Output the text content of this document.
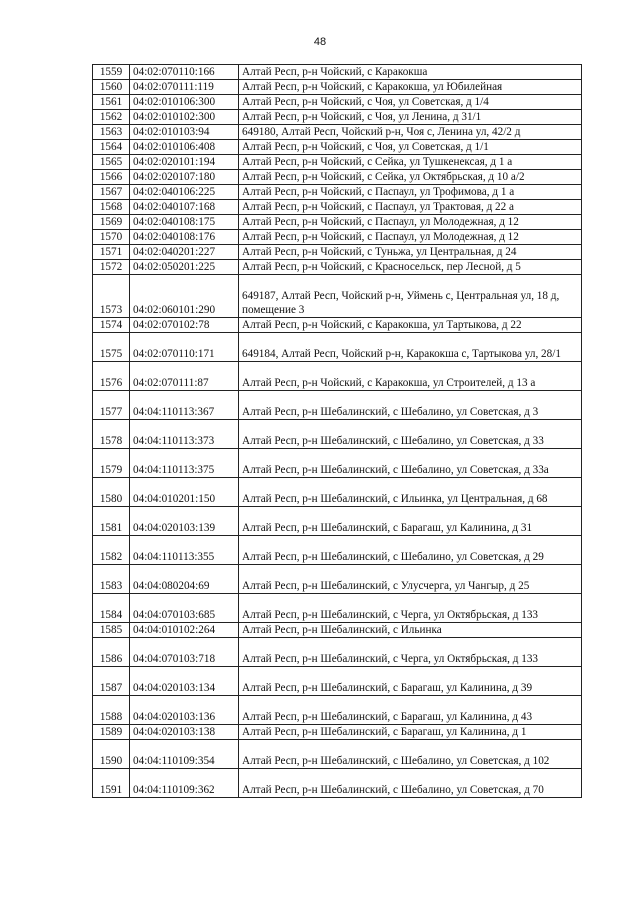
48
1559	04:02:070110:166	Алтай Респ, р-н Чойский, с Каракокша
1560	04:02:070111:119	Алтай Респ, р-н Чойский, с Каракокша, ул Юбилейная
1561	04:02:010106:300	Алтай Респ, р-н Чойский, с Чоя, ул Советская, д 1/4
1562	04:02:010102:300	Алтай Респ, р-н Чойский, с Чоя, ул Ленина, д 31/1
1563	04:02:010103:94	649180, Алтай Респ, Чойский р-н, Чоя с, Ленина ул, 42/2 д
1564	04:02:010106:408	Алтай Респ, р-н Чойский, с Чоя, ул Советская, д 1/1
1565	04:02:020101:194	Алтай Респ, р-н Чойский, с Сейка, ул Тушкенексая, д 1 а
1566	04:02:020107:180	Алтай Респ, р-н Чойский, с Сейка, ул Октябрьская, д 10 а/2
1567	04:02:040106:225	Алтай Респ, р-н Чойский, с Паспаул, ул Трофимова, д 1 а
1568	04:02:040107:168	Алтай Респ, р-н Чойский, с Паспаул, ул Трактовая, д 22 а
1569	04:02:040108:175	Алтай Респ, р-н Чойский, с Паспаул, ул Молодежная, д 12
1570	04:02:040108:176	Алтай Респ, р-н Чойский, с Паспаул, ул Молодежная, д 12
1571	04:02:040201:227	Алтай Респ, р-н Чойский, с Туньжа, ул Центральная, д 24
1572	04:02:050201:225	Алтай Респ, р-н Чойский, с Красносельск, пер Лесной, д 5
1573	04:02:060101:290	649187, Алтай Респ, Чойский р-н, Уймень с, Центральная ул, 18 д, помещение 3
1574	04:02:070102:78	Алтай Респ, р-н Чойский, с Каракокша, ул Тартыкова, д 22
1575	04:02:070110:171	649184, Алтай Респ, Чойский р-н, Каракокша с, Тартыкова ул, 28/1
1576	04:02:070111:87	Алтай Респ, р-н Чойский, с Каракокша, ул Строителей, д 13 а
1577	04:04:110113:367	Алтай Респ, р-н Шебалинский, с Шебалино, ул Советская, д 3
1578	04:04:110113:373	Алтай Респ, р-н Шебалинский, с Шебалино, ул Советская, д 33
1579	04:04:110113:375	Алтай Респ, р-н Шебалинский, с Шебалино, ул Советская, д 33а
1580	04:04:010201:150	Алтай Респ, р-н Шебалинский, с Ильинка, ул Центральная, д 68
1581	04:04:020103:139	Алтай Респ, р-н Шебалинский, с Барагаш, ул Калинина, д 31
1582	04:04:110113:355	Алтай Респ, р-н Шебалинский, с Шебалино, ул Советская, д 29
1583	04:04:080204:69	Алтай Респ, р-н Шебалинский, с Улусчерга, ул Чангыр, д 25
1584	04:04:070103:685	Алтай Респ, р-н Шебалинский, с Черга, ул Октябрьская, д 133
1585	04:04:010102:264	Алтай Респ, р-н Шебалинский, с Ильинка
1586	04:04:070103:718	Алтай Респ, р-н Шебалинский, с Черга, ул Октябрьская, д 133
1587	04:04:020103:134	Алтай Респ, р-н Шебалинский, с Барагаш, ул Калинина, д 39
1588	04:04:020103:136	Алтай Респ, р-н Шебалинский, с Барагаш, ул Калинина, д 43
1589	04:04:020103:138	Алтай Респ, р-н Шебалинский, с Барагаш, ул Калинина, д 1
1590	04:04:110109:354	Алтай Респ, р-н Шебалинский, с Шебалино, ул Советская, д 102
1591	04:04:110109:362	Алтай Респ, р-н Шебалинский, с Шебалино, ул Советская, д 70
